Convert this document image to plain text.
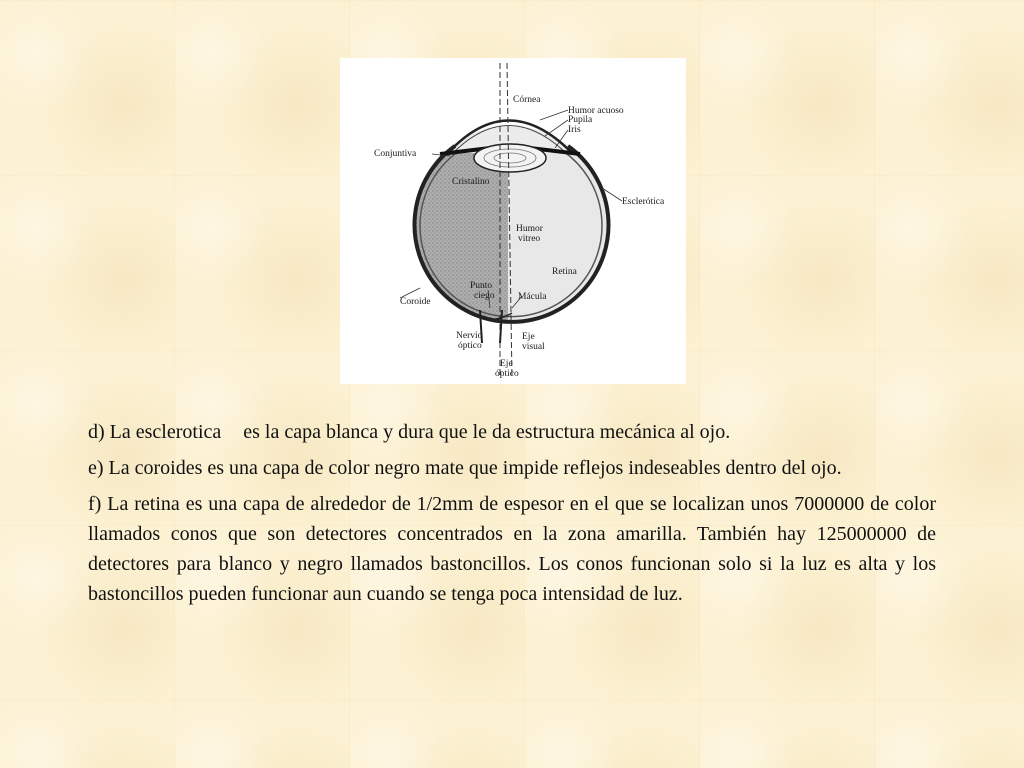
Córnea
Humor acuoso
Pupila
Iris
Conjuntiva
Cristalino
Esclerótica
Humor
vitreo
Retina
Punto
ciego Mácula
Coroide
Nervio
óptico
Eje
visual
Eje
óptico

d) La esclerotica es la capa blanca y dura que le da estructura mecánica al ojo.

e) La coroides es una capa de color negro mate que impide reflejos indeseables dentro del ojo.

f) La retina es una capa de alrededor de 1/2mm de espesor en el que se localizan unos 7000000 de color llamados conos que son detectores concentrados en la zona amarilla. También hay 125000000 de detectores para blanco y negro llamados bastoncillos. Los conos funcionan solo si la luz es alta y los bastoncillos pueden funcionar aun cuando se tenga poca intensidad de luz.
